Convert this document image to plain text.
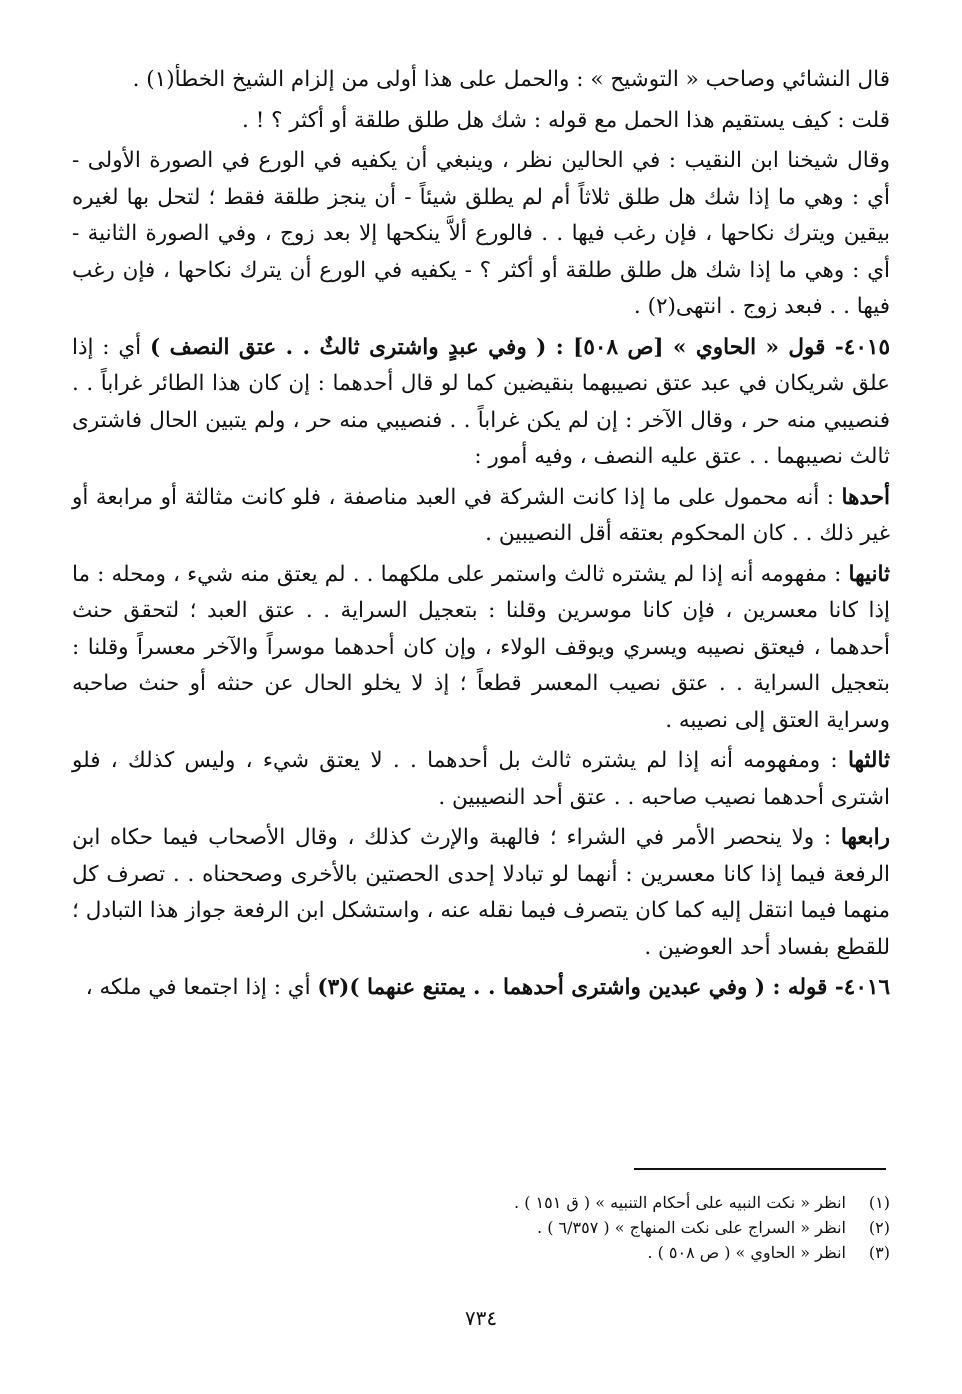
قال النشائي وصاحب « التوشيح » : والحمل على هذا أولى من إلزام الشيخ الخطأ(١) .

قلت : كيف يستقيم هذا الحمل مع قوله : شك هل طلق طلقة أو أكثر ؟ ! .

وقال شيخنا ابن النقيب : في الحالين نظر ، وينبغي أن يكفيه في الورع في الصورة الأولى - أي : وهي ما إذا شك هل طلق ثلاثاً أم لم يطلق شيئاً - أن ينجز طلقة فقط ؛ لتحل بها لغيره بيقين ويترك نكاحها ، فإن رغب فيها . . فالورع ألاَّ ينكحها إلا بعد زوج ، وفي الصورة الثانية - أي : وهي ما إذا شك هل طلق طلقة أو أكثر ؟ - يكفيه في الورع أن يترك نكاحها ، فإن رغب فيها . . فبعد زوج . انتهى(٢) .

٤٠١٥- قول « الحاوي » [ص ٥٠٨] : ( وفي عبدٍ واشترى ثالثٌ . . عتق النصف ) أي : إذا علق شريكان في عبد عتق نصيبهما بنقيضين كما لو قال أحدهما : إن كان هذا الطائر غراباً . . فنصيبي منه حر ، وقال الآخر : إن لم يكن غراباً . . فنصيبي منه حر ، ولم يتبين الحال فاشترى ثالث نصيبهما . . عتق عليه النصف ، وفيه أمور :

أحدها : أنه محمول على ما إذا كانت الشركة في العبد مناصفة ، فلو كانت مثالثة أو مرابعة أو غير ذلك . . كان المحكوم بعتقه أقل النصيبين .

ثانيها : مفهومه أنه إذا لم يشتره ثالث واستمر على ملكهما . . لم يعتق منه شيء ، ومحله : ما إذا كانا معسرين ، فإن كانا موسرين وقلنا : بتعجيل السراية . . عتق العبد ؛ لتحقق حنث أحدهما ، فيعتق نصيبه ويسري ويوقف الولاء ، وإن كان أحدهما موسراً والآخر معسراً وقلنا : بتعجيل السراية . . عتق نصيب المعسر قطعاً ؛ إذ لا يخلو الحال عن حنثه أو حنث صاحبه وسراية العتق إلى نصيبه .

ثالثها : ومفهومه أنه إذا لم يشتره ثالث بل أحدهما . . لا يعتق شيء ، وليس كذلك ، فلو اشترى أحدهما نصيب صاحبه . . عتق أحد النصيبين .

رابعها : ولا ينحصر الأمر في الشراء ؛ فالهبة والإرث كذلك ، وقال الأصحاب فيما حكاه ابن الرفعة فيما إذا كانا معسرين : أنهما لو تبادلا إحدى الحصتين بالأخرى وصححناه . . تصرف كل منهما فيما انتقل إليه كما كان يتصرف فيما نقله عنه ، واستشكل ابن الرفعة جواز هذا التبادل ؛ للقطع بفساد أحد العوضين .

٤٠١٦- قوله : ( وفي عبدين واشترى أحدهما . . يمتنع عنهما )(٣) أي : إذا اجتمعا في ملكه ،

(١)
انظر « نكت النبيه على أحكام التنبيه » ( ق ١٥١ ) .
(٢)
انظر « السراج على نكت المنهاج » ( ٦/٣٥٧ ) .
(٣)
انظر « الحاوي » ( ص ٥٠٨ ) .
٧٣٤
